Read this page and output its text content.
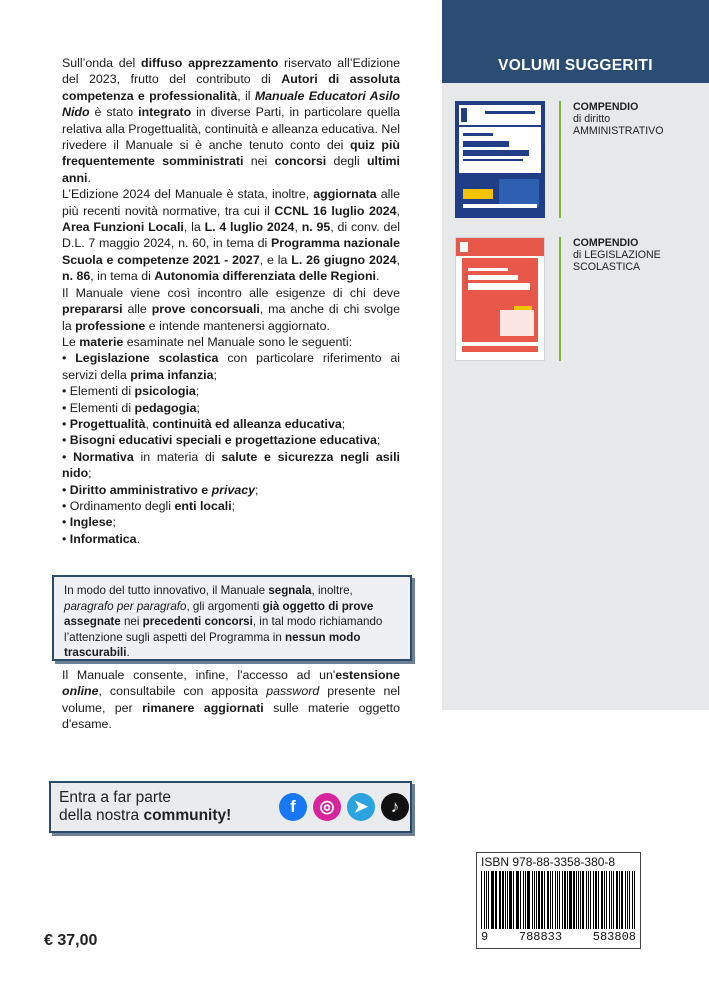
Sull’onda del diffuso apprezzamento riservato all’Edizione del 2023, frutto del contributo di Autori di assoluta competenza e professionalità, il Manuale Educatori Asilo Nido è stato integrato in diverse Parti, in particolare quella relativa alla Progettualità, continuità e alleanza educativa. Nel rivedere il Manuale si è anche tenuto conto dei quiz più frequentemente somministrati nei concorsi degli ultimi anni.

L’Edizione 2024 del Manuale è stata, inoltre, aggiornata alle più recenti novità normative, tra cui il CCNL 16 luglio 2024, Area Funzioni Locali, la L. 4 luglio 2024, n. 95, di conv. del D.L. 7 maggio 2024, n. 60, in tema di Programma nazionale Scuola e competenze 2021 - 2027, e la L. 26 giugno 2024, n. 86, in tema di Autonomia differenziata delle Regioni.

Il Manuale viene così incontro alle esigenze di chi deve prepararsi alle prove concorsuali, ma anche di chi svolge la professione e intende mantenersi aggiornato.

Le materie esaminate nel Manuale sono le seguenti:

• Legislazione scolastica con particolare riferimento ai servizi della prima infanzia;
• Elementi di psicologia;
• Elementi di pedagogia;
• Progettualità, continuità ed alleanza educativa;
• Bisogni educativi speciali e progettazione educativa;
• Normativa in materia di salute e sicurezza negli asili nido;
• Diritto amministrativo e privacy;
• Ordinamento degli enti locali;
• Inglese;
• Informatica.

In modo del tutto innovativo, il Manuale segnala, inoltre, paragrafo per paragrafo, gli argomenti già oggetto di prove assegnate nei precedenti concorsi, in tal modo richiamando l’attenzione sugli aspetti del Programma in nessun modo trascurabili.

Il Manuale consente, infine, l'accesso ad un'estensione online, consultabile con apposita password presente nel volume, per rimanere aggiornati sulle materie oggetto d'esame.

Entra a far parte
della nostra community!	f	◎	➤	♪
€ 37,00
VOLUMI SUGGERITI
COMPENDIO
di diritto
AMMINISTRATIVO
COMPENDIO
di LEGISLAZIONE
SCOLASTICA
ISBN 978-88-3358-380-8
9	788833	583808
